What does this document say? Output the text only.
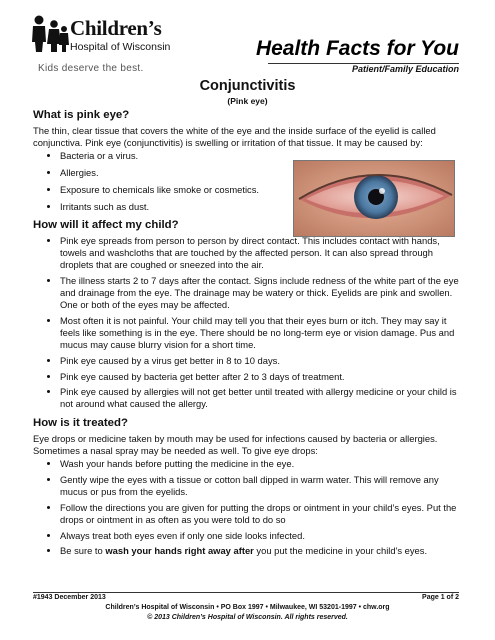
Children’s
Hospital of Wisconsin
Kids deserve the best.
Health Facts for You
Patient/Family Education
Conjunctivitis
(Pink eye)
What is pink eye?

The thin, clear tissue that covers the white of the eye and the inside surface of the eyelid is called conjunctiva. Pink eye (conjunctivitis) is swelling or irritation of that tissue. It may be caused by:

• Bacteria or a virus.
• Allergies.
• Exposure to chemicals like smoke or cosmetics.
• Irritants such as dust.
How will it affect my child?
• Pink eye spreads from person to person by direct contact. This includes contact with hands, towels and washcloths that are touched by the affected person. It can also spread through droplets that are coughed or sneezed into the air.
• The illness starts 2 to 7 days after the contact. Signs include redness of the white part of the eye and drainage from the eye. The drainage may be watery or thick. Eyelids are pink and swollen. One or both of the eyes may be affected.
• Most often it is not painful. Your child may tell you that their eyes burn or itch. They may say it feels like something is in the eye. There should be no long-term eye or vision damage. Pus and mucus may cause blurry vision for a short time.
• Pink eye caused by a virus get better in 8 to 10 days.
• Pink eye caused by bacteria get better after 2 to 3 days of treatment.
• Pink eye caused by allergies will not get better until treated with allergy medicine or your child is not around what caused the allergy.
How is it treated?

Eye drops or medicine taken by mouth may be used for infections caused by bacteria or allergies. Sometimes a nasal spray may be needed as well. To give eye drops:

• Wash your hands before putting the medicine in the eye.
• Gently wipe the eyes with a tissue or cotton ball dipped in warm water. This will remove any mucus or pus from the eyelids.
• Follow the directions you are given for putting the drops or ointment in your child’s eyes. Put the drops or ointment in as often as you were told to do so
• Always treat both eyes even if only one side looks infected.
• Be sure to wash your hands right away after you put the medicine in your child's eyes.
#1943 December 2013	Page 1 of 2
Children’s Hospital of Wisconsin • PO Box 1997 • Milwaukee, WI 53201-1997 • chw.org
© 2013 Children’s Hospital of Wisconsin. All rights reserved.
